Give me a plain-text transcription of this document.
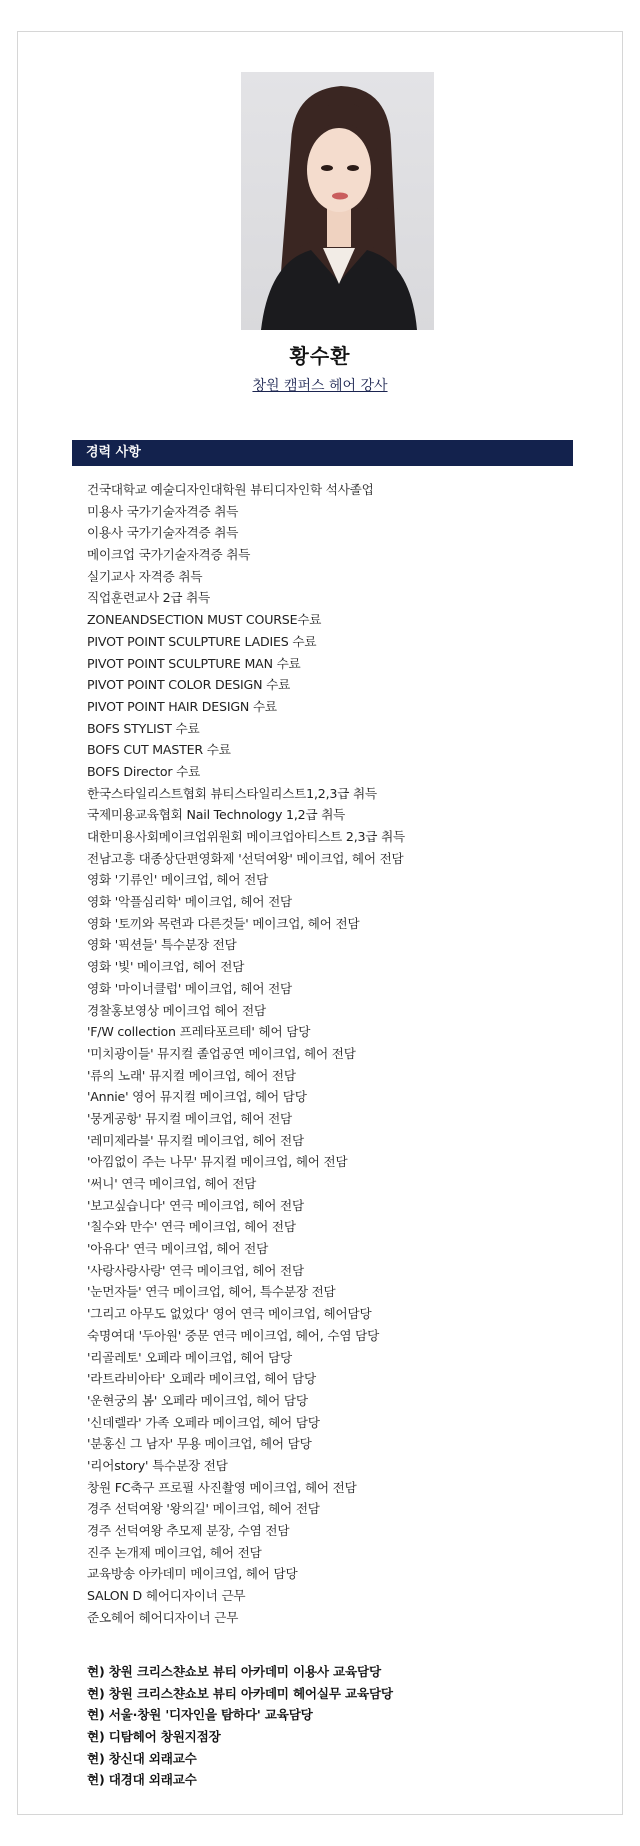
황수환
창원 캠퍼스 헤어 강사
경력 사항
건국대학교 예술디자인대학원 뷰티디자인학 석사졸업
미용사 국가기술자격증 취득
이용사 국가기술자격증 취득
메이크업 국가기술자격증 취득
실기교사 자격증 취득
직업훈련교사 2급 취득
ZONEANDSECTION MUST COURSE수료
PIVOT POINT SCULPTURE LADIES 수료
PIVOT POINT SCULPTURE MAN 수료
PIVOT POINT COLOR DESIGN 수료
PIVOT POINT HAIR DESIGN 수료
BOFS STYLIST 수료
BOFS CUT MASTER 수료
BOFS Director 수료
한국스타일리스트협회 뷰티스타일리스트1,2,3급 취득
국제미용교육협회 Nail Technology 1,2급 취득
대한미용사회메이크업위원회 메이크업아티스트 2,3급 취득
전남고흥 대종상단편영화제 '선덕여왕' 메이크업, 헤어 전담
영화 '기류인' 메이크업, 헤어 전담
영화 '악플심리학' 메이크업, 헤어 전담
영화 '토끼와 목련과 다른것들' 메이크업, 헤어 전담
영화 '픽션들' 특수분장 전담
영화 '빛' 메이크업, 헤어 전담
영화 '마이너클럽' 메이크업, 헤어 전담
경찰홍보영상 메이크업 헤어 전담
'F/W collection 프레타포르테' 헤어 담당
'미치광이들' 뮤지컬 졸업공연 메이크업, 헤어 전담
'류의 노래' 뮤지컬 메이크업, 헤어 전담
'Annie' 영어 뮤지컬 메이크업, 헤어 담당
'뭉게공항' 뮤지컬 메이크업, 헤어 전담
'레미제라블' 뮤지컬 메이크업, 헤어 전담
'아낌없이 주는 나무' 뮤지컬 메이크업, 헤어 전담
'써니' 연극 메이크업, 헤어 전담
'보고싶습니다' 연극 메이크업, 헤어 전담
'칠수와 만수' 연극 메이크업, 헤어 전담
'아유다' 연극 메이크업, 헤어 전담
'사랑사랑사랑' 연극 메이크업, 헤어 전담
'눈먼자들' 연극 메이크업, 헤어, 특수분장 전담
'그리고 아무도 없었다' 영어 연극 메이크업, 헤어담당
숙명여대 '두아원' 중문 연극 메이크업, 헤어, 수염 담당
'리골레토' 오페라 메이크업, 헤어 담당
'라트라비아타' 오페라 메이크업, 헤어 담당
'운현궁의 봄' 오페라 메이크업, 헤어 담당
'신데렐라' 가족 오페라 메이크업, 헤어 담당
'분홍신 그 남자' 무용 메이크업, 헤어 담당
'리어story' 특수분장 전담
창원 FC축구 프로필 사진촬영 메이크업, 헤어 전담
경주 선덕여왕 '왕의길' 메이크업, 헤어 전담
경주 선덕여왕 추모제 분장, 수염 전담
진주 논개제 메이크업, 헤어 전담
교육방송 아카데미 메이크업, 헤어 담당
SALON D 헤어디자이너 근무
준오헤어 헤어디자이너 근무
현) 창원 크리스챤쇼보 뷰티 아카데미 이용사 교육담당
현) 창원 크리스챤쇼보 뷰티 아카데미 헤어실무 교육담당
현) 서울·창원 '디자인을 탐하다' 교육담당
현) 디탐헤어 창원지점장
현) 창신대 외래교수
현) 대경대 외래교수
